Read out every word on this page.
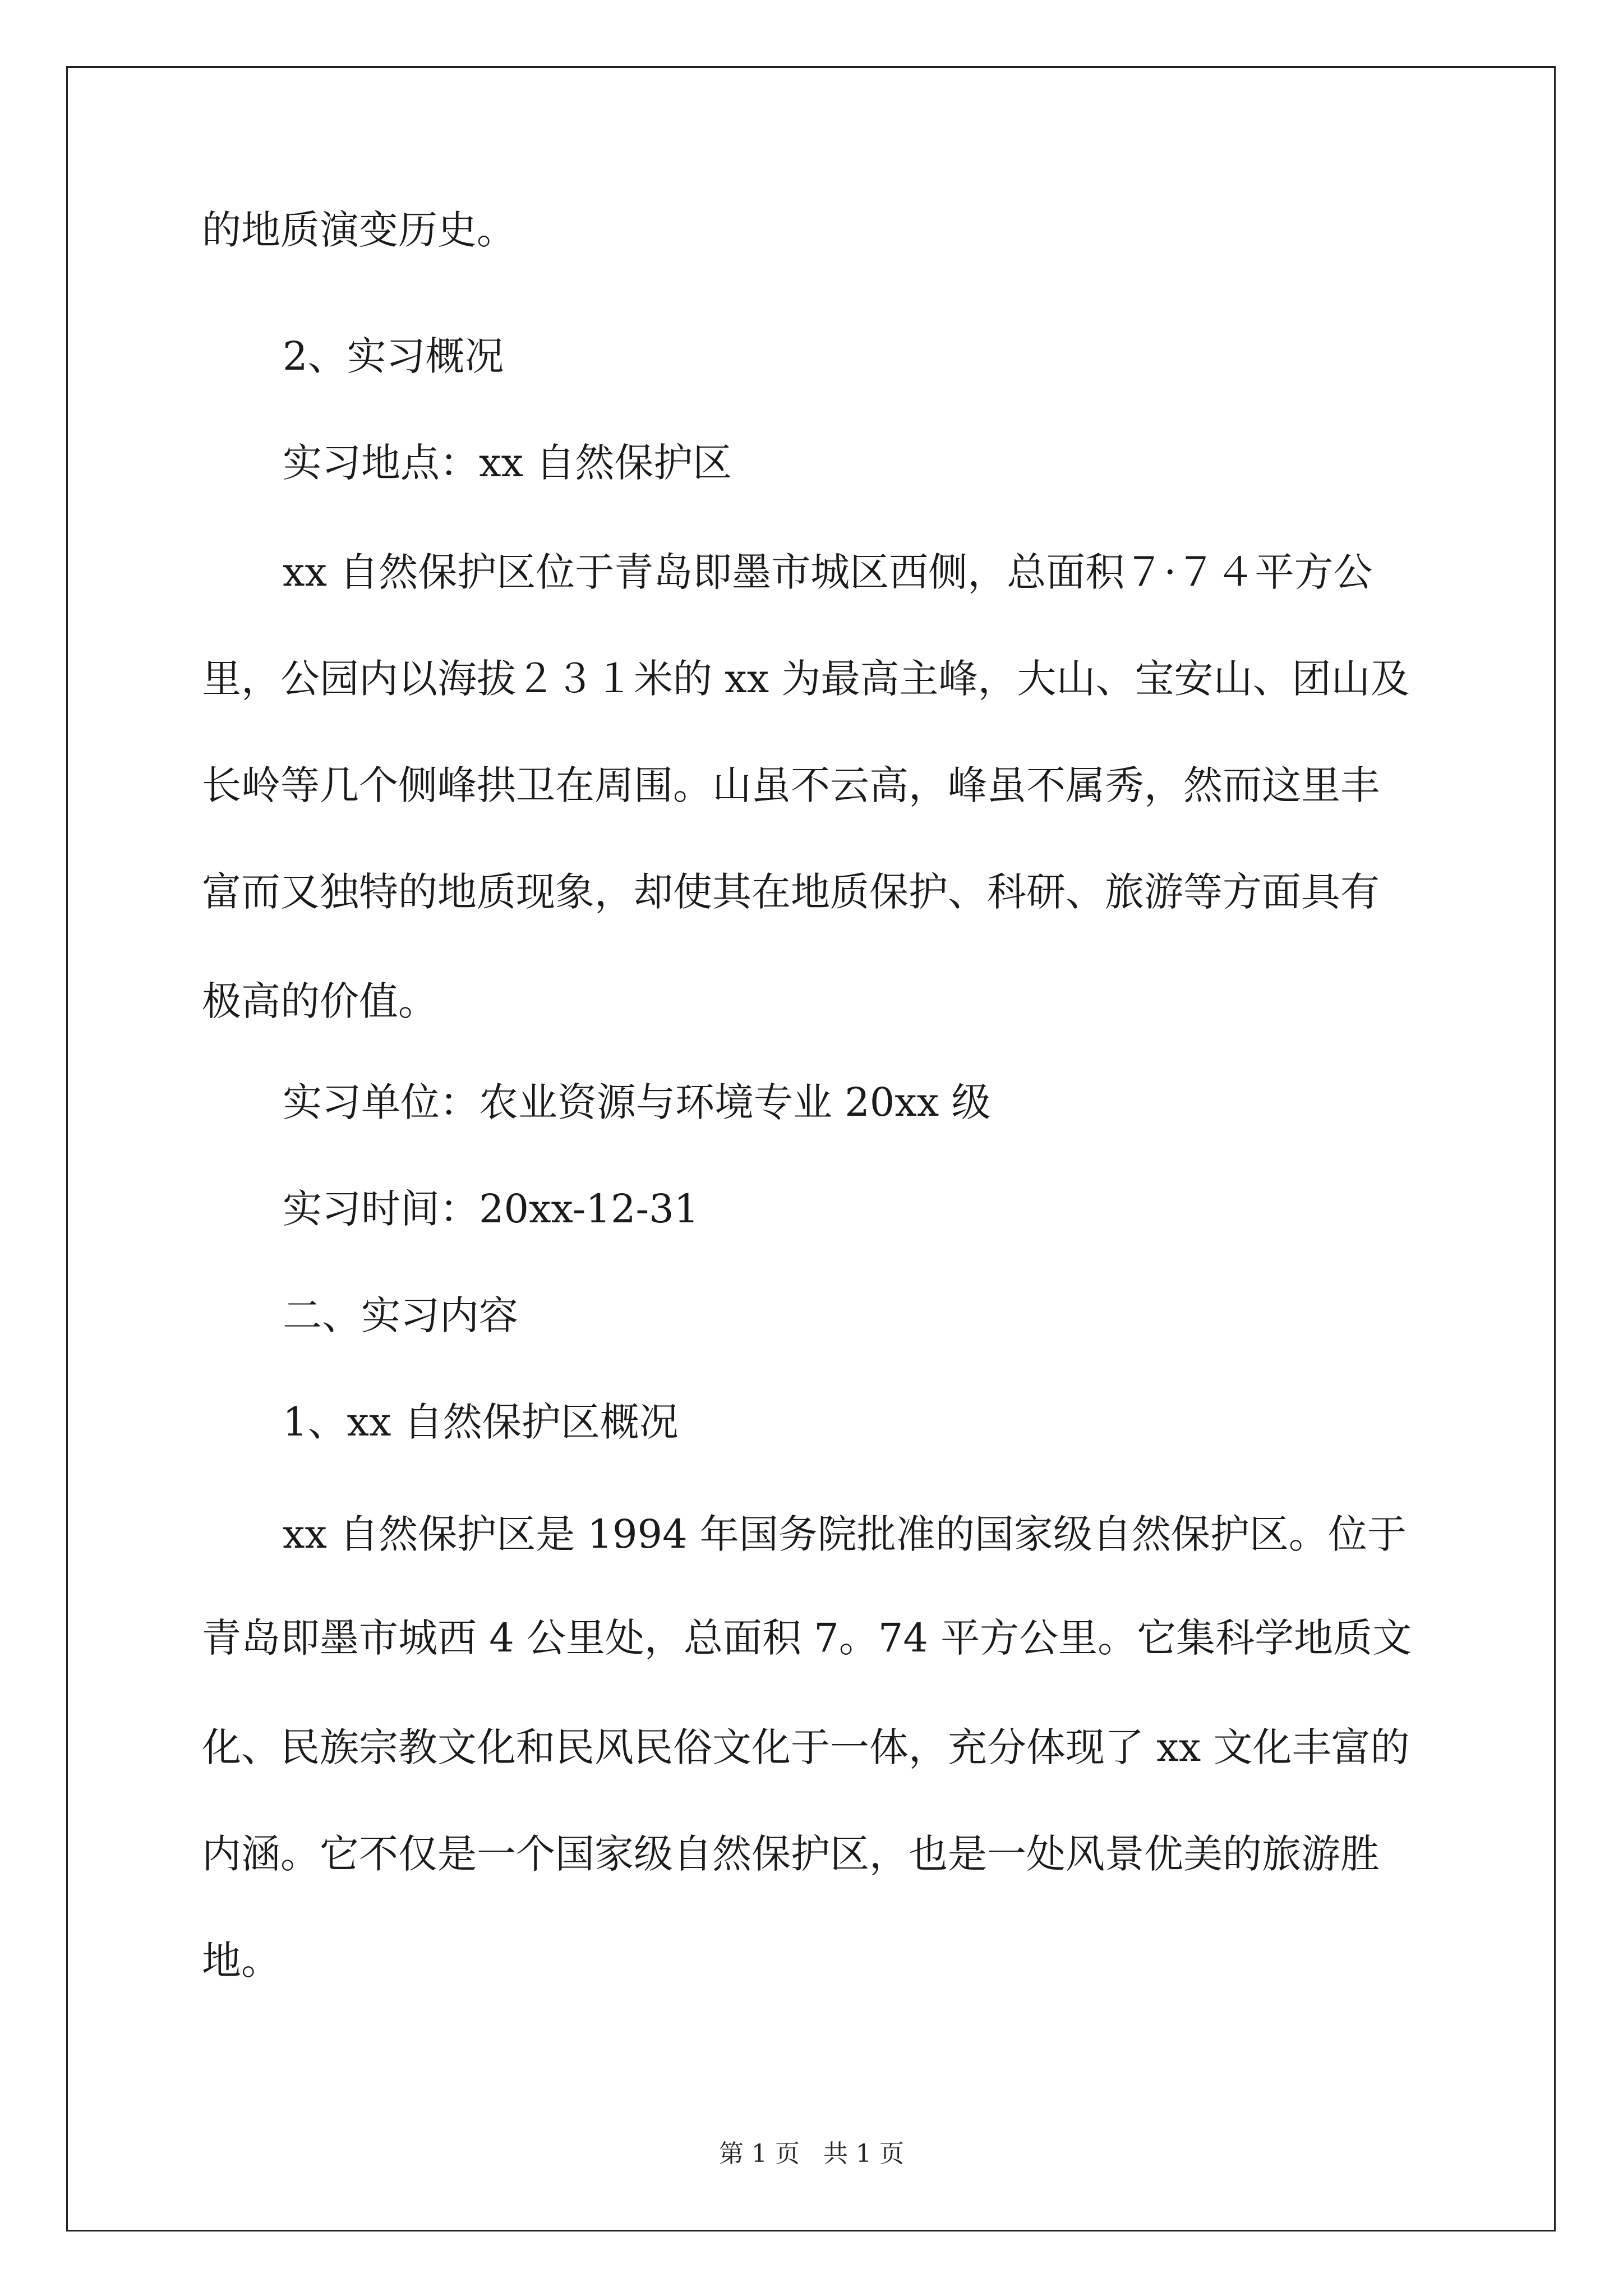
的地质演变历史。
2、实习概况
实习地点：xx 自然保护区
xx 自然保护区位于青岛即墨市城区西侧，总面积７·７４平方公
里，公园内以海拔２３１米的 xx 为最高主峰，大山、宝安山、团山及
长岭等几个侧峰拱卫在周围。山虽不云高，峰虽不属秀，然而这里丰
富而又独特的地质现象，却使其在地质保护、科研、旅游等方面具有
极高的价值。
实习单位：农业资源与环境专业 20xx 级
实习时间：20xx-12-31
二、实习内容
1、xx 自然保护区概况
xx 自然保护区是 1994 年国务院批准的国家级自然保护区。位于
青岛即墨市城西 4 公里处，总面积 7。74 平方公里。它集科学地质文
化、民族宗教文化和民风民俗文化于一体，充分体现了 xx 文化丰富的
内涵。它不仅是一个国家级自然保护区，也是一处风景优美的旅游胜
地。
第 1 页   共 1 页
